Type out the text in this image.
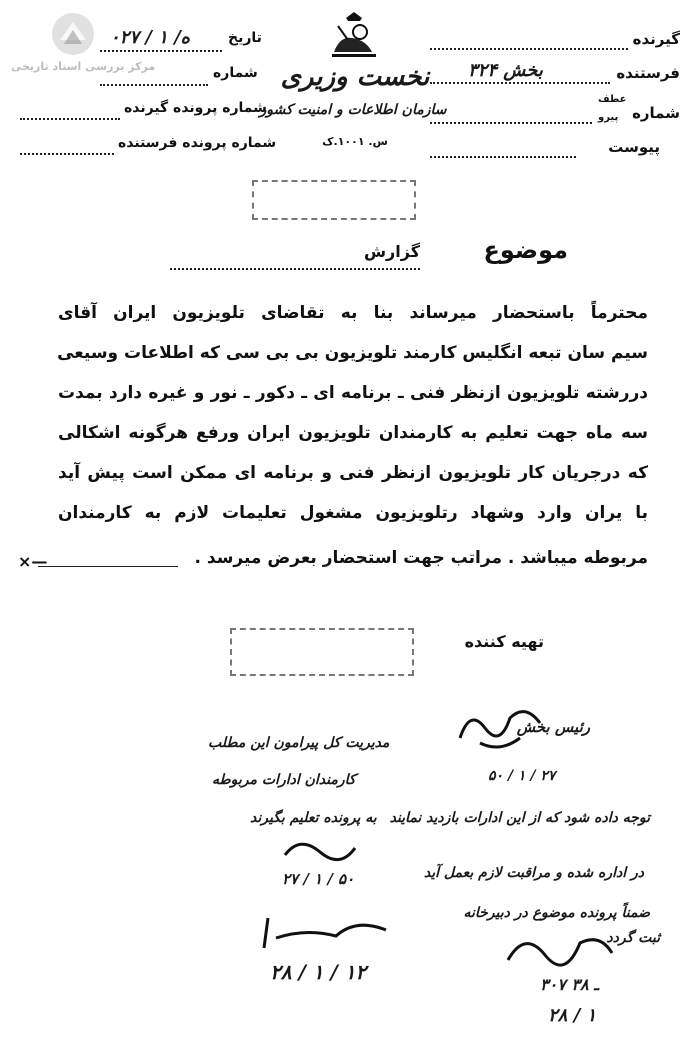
مرکز بررسی اسناد تاریخی
تاریخ
۰ه/ ۱ / ۲۷
شماره
شماره پرونده گیرنده
شماره پرونده فرستنده
نخست وزیری
سازمان اطلاعات و امنیت کشور
س. ۱۰۰۱.ک
گیرنده
فرستنده
بخش ۳۲۴
عطف
پیرو شماره
پیوست
موضوع
گزارش
محترماً باستحضار میرساند بنا به تقاضای تلویزیون ایران آقای
سیم سان تبعه انگلیس کارمند تلویزیون بی بی سی که اطلاعات وسیعی
دررشته تلویزیون ازنظر فنی ـ برنامه ای ـ دکور ـ نور و غیره دارد بمدت
سه ماه جهت تعلیم به کارمندان تلویزیون ایران ورفع هرگونه اشکالی
که درجریان کار تلویزیون ازنظر فنی و برنامه ای ممکن است پیش آید
با یران وارد وشهاد رتلویزیون مشغول تعلیمات لازم به کارمندان
مربوطه میباشد . مراتب جهت استحضار بعرض میرسد .
×—
تهیه کننده
رئیس بخش
۲۷ / ۱ / ۵۰
توجه داده شود که از این ادارات بازدید نمایند
در اداره شده و مراقبت لازم بعمل آید
ضمناً پرونده موضوع در دبیرخانه
ثبت گردد
۳۰۷ ـ ۳۸
۲۸ / ۱
مدیریت کل پیرامون این مطلب
کارمندان ادارات مربوطه
به پرونده تعلیم بگیرند
۲۷ / ۱ / ۵۰
۲۸ / ۱ / ۱۲
